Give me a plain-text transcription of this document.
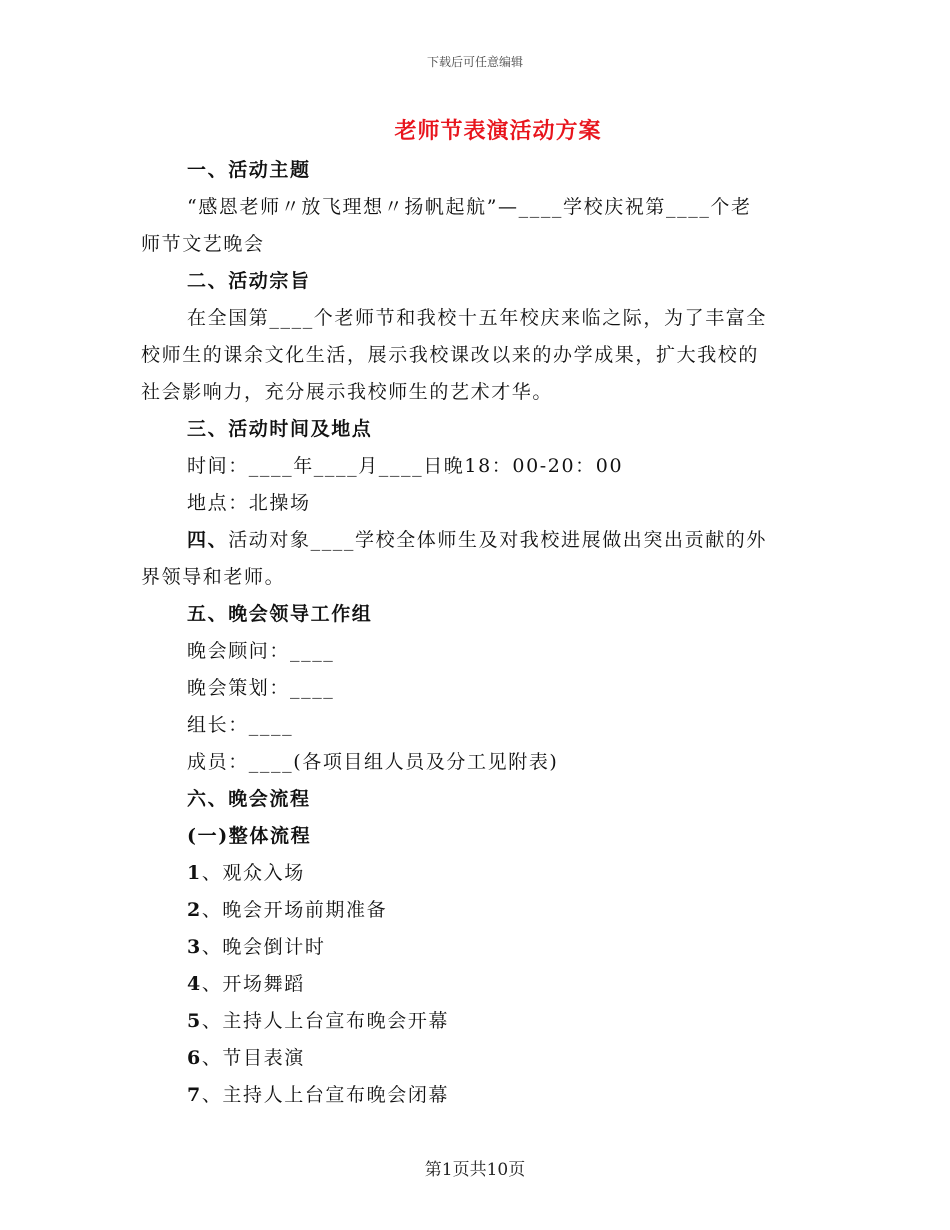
下载后可任意编辑
老师节表演活动方案
一、活动主题
“感恩老师〃放飞理想〃扬帆起航”—____学校庆祝第____个老
师节文艺晚会
二、活动宗旨
在全国第____个老师节和我校十五年校庆来临之际，为了丰富全
校师生的课余文化生活，展示我校课改以来的办学成果，扩大我校的
社会影响力，充分展示我校师生的艺术才华。
三、活动时间及地点
时间：____年____月____日晚18：00-20：00
地点：北操场
四、活动对象____学校全体师生及对我校进展做出突出贡献的外
界领导和老师。
五、晚会领导工作组
晚会顾问：____
晚会策划：____
组长：____
成员：____(各项目组人员及分工见附表)
六、晚会流程
(一)整体流程
1、观众入场
2、晚会开场前期准备
3、晚会倒计时
4、开场舞蹈
5、主持人上台宣布晚会开幕
6、节目表演
7、主持人上台宣布晚会闭幕
第1页共10页
